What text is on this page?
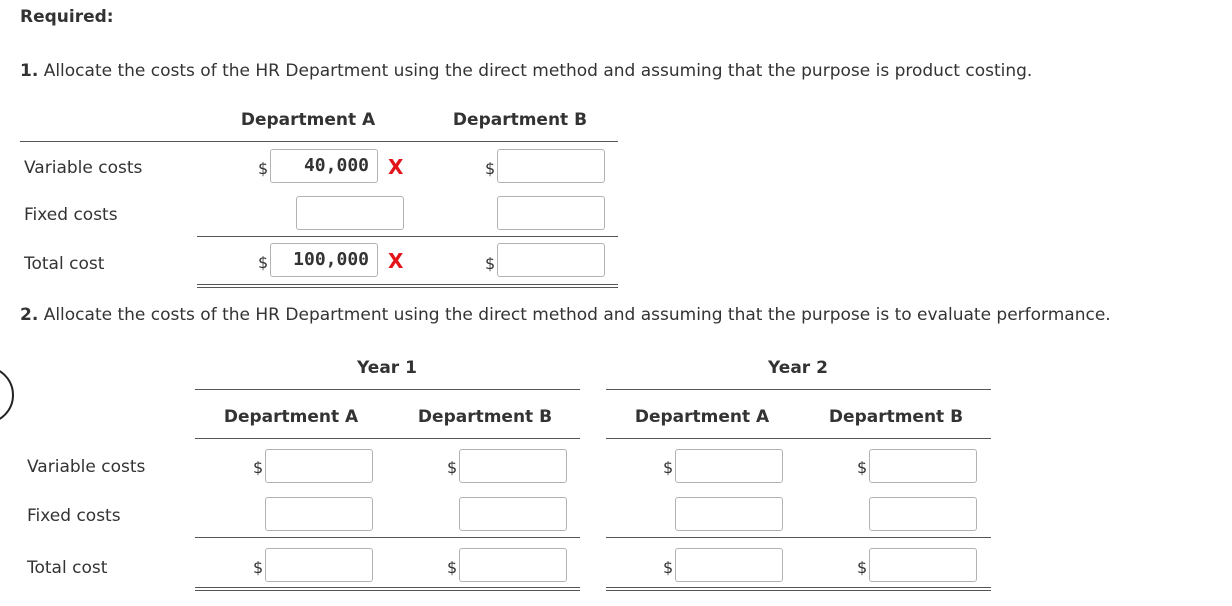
Required:
1. Allocate the costs of the HR Department using the direct method and assuming that the purpose is product costing.
Department A	Department B
Variable costs	$	40,000 X	$
Fixed costs
Total cost	$	100,000 X	$
2. Allocate the costs of the HR Department using the direct method and assuming that the purpose is to evaluate performance.
Year 1	Year 2
Department A	Department B	Department A	Department B
Variable costs	$	$	$	$
Fixed costs
Total cost	$	$	$	$
